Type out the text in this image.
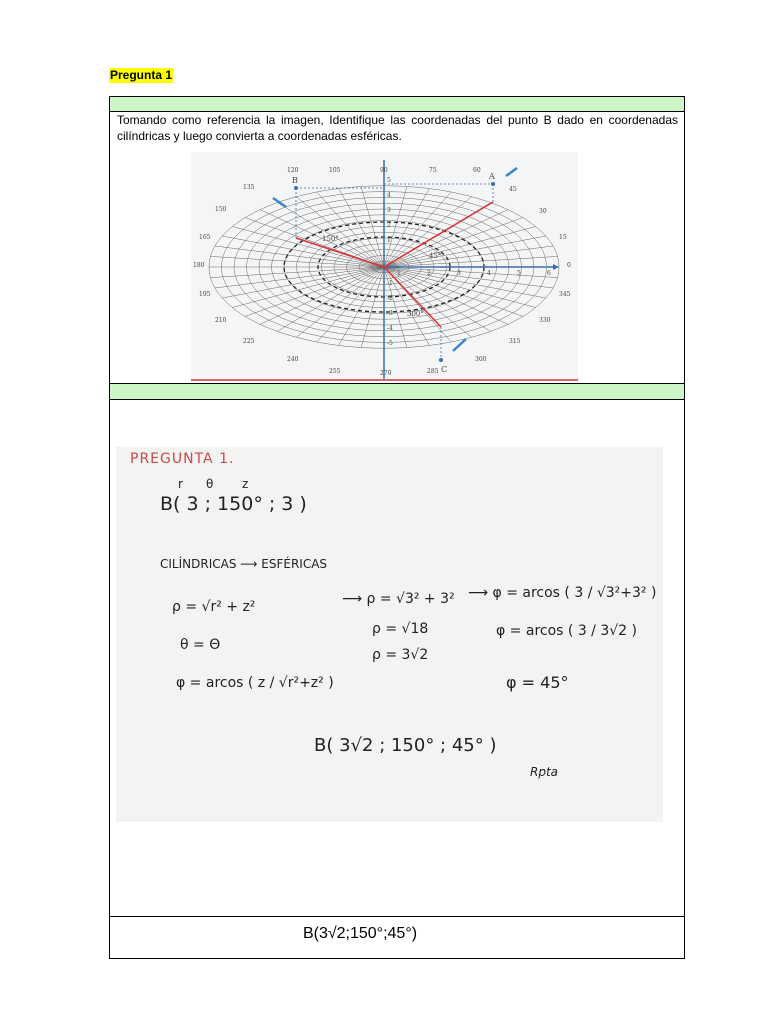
Pregunta 1
Tomando como referencia la imagen, Identifique las coordenadas del punto B dado en coordenadas cilíndricas y luego convierta a coordenadas esféricas.
B	A
C
150°
45°
300°
120	105	90	75	60
135
150
165
180
195
210
225
240
255
45
30
15
0
345
330
315
300
270	285
5
4
3
2
1
-1
-2
-3
-4
-5
1	2	3	4	5	6
PREGUNTA 1.
r θ z
B( 3 ; 150° ; 3 )
CILÍNDRICAS ⟶ ESFÉRICAS
ρ = √r² + z²
θ = Θ
φ = arcos ( z / √r²+z² )
⟶ ρ = √3² + 3²
ρ = √18
ρ = 3√2
⟶ φ = arcos ( 3 / √3²+3² )
φ = arcos ( 3 / 3√2 )
φ = 45°
B( 3√2 ; 150° ; 45° )
Rpta
B(3√2;150°;45°)
